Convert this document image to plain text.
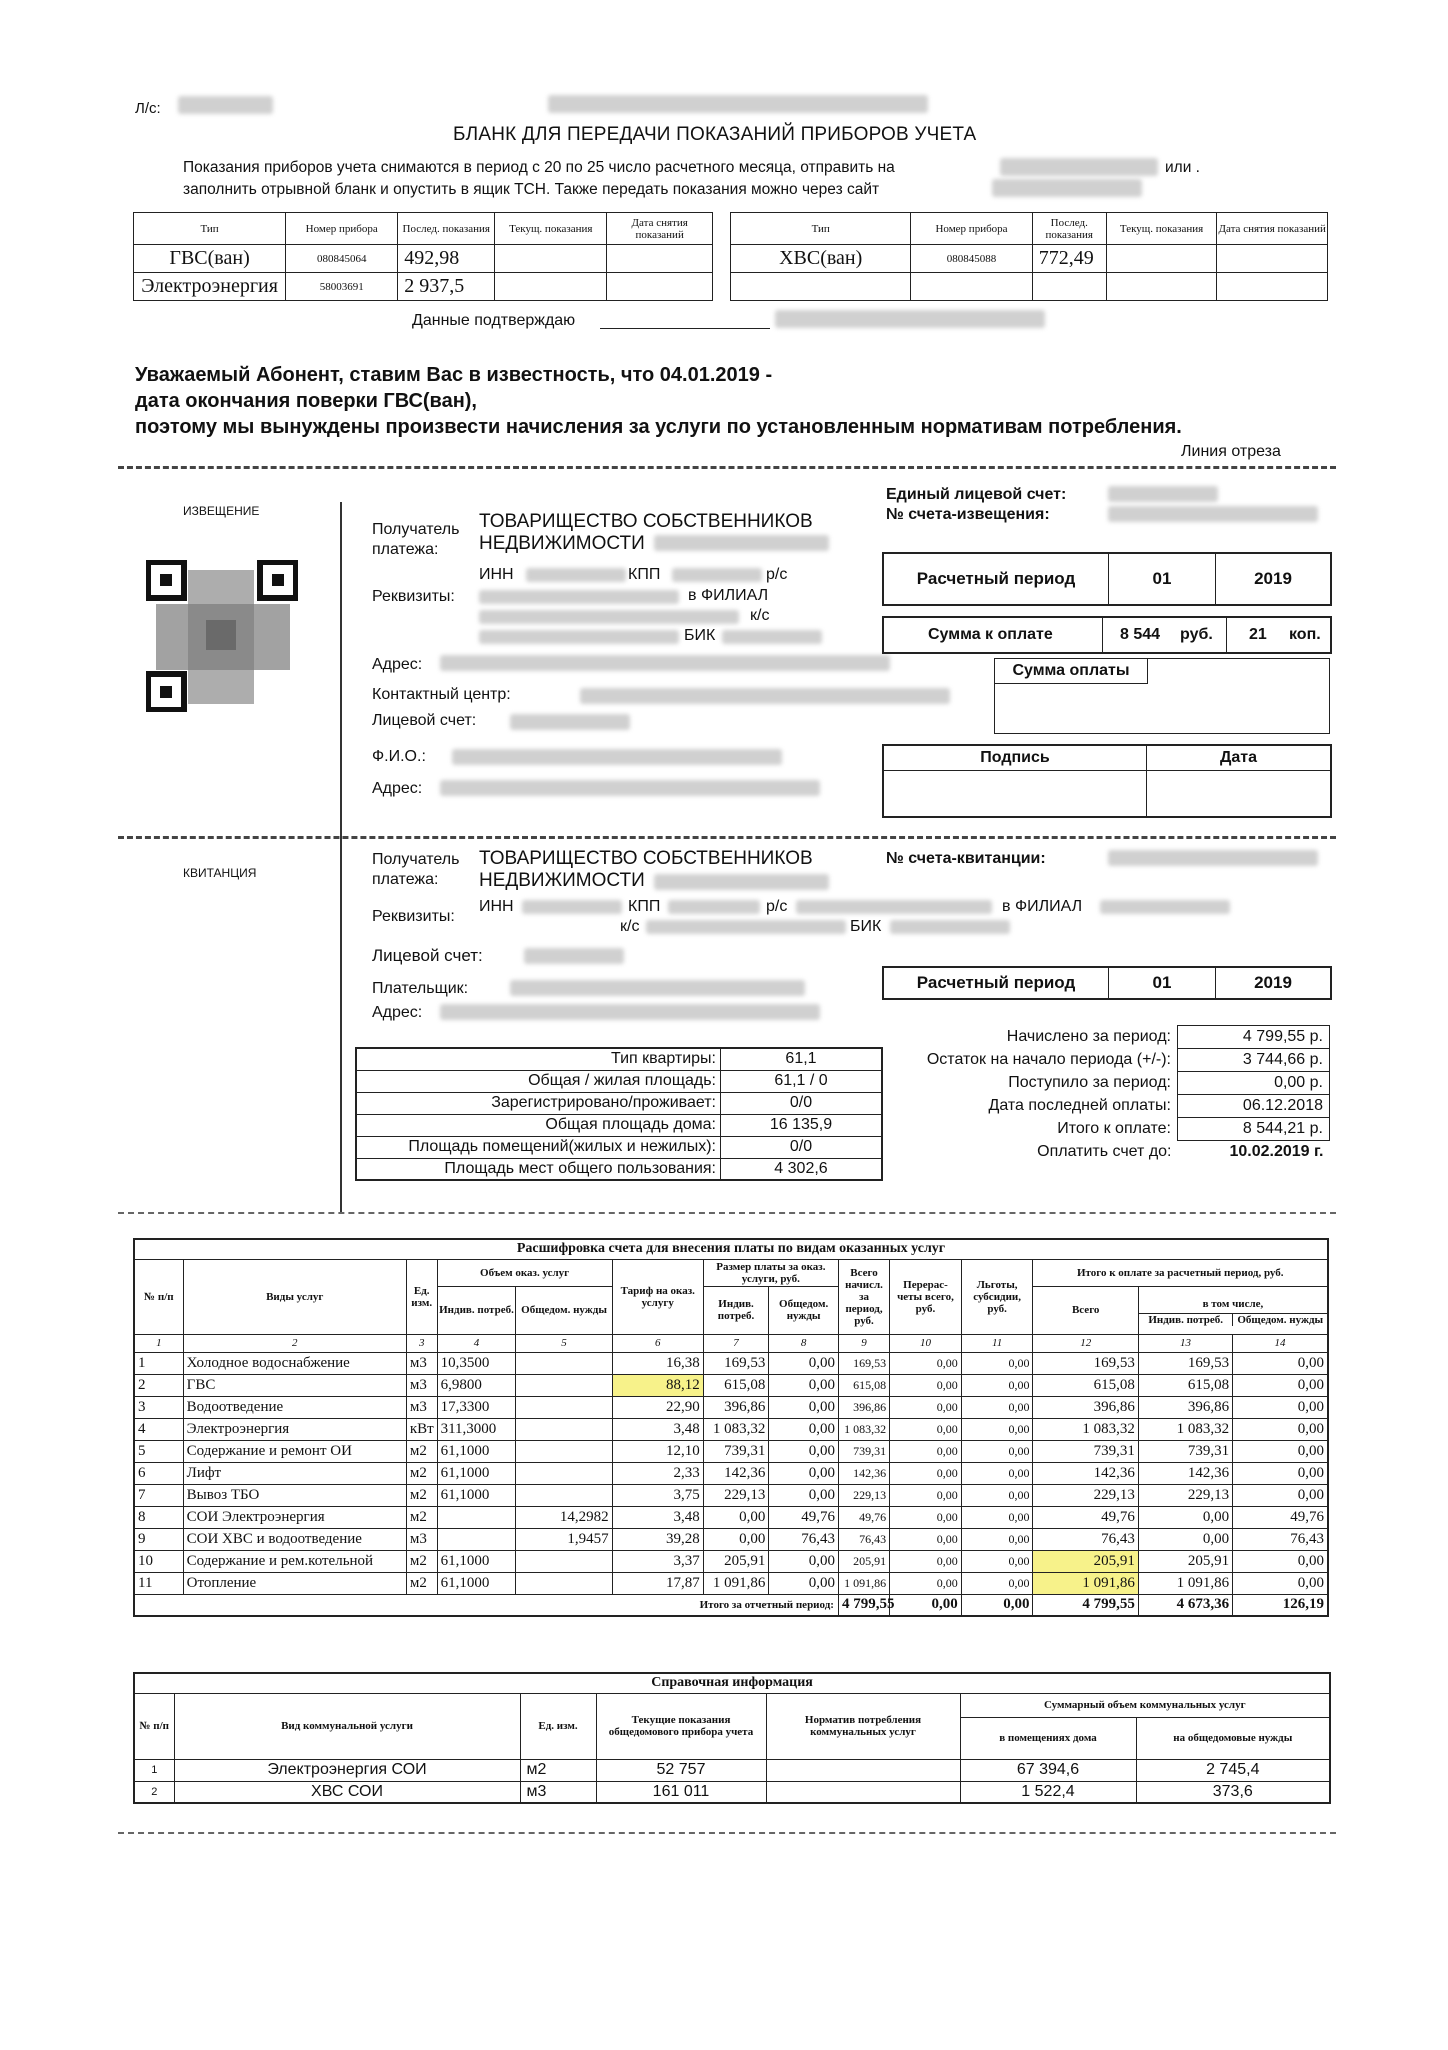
Л/с:
БЛАНК ДЛЯ ПЕРЕДАЧИ ПОКАЗАНИЙ ПРИБОРОВ УЧЕТА
Показания приборов учета снимаются в период с 20 по 25 число расчетного месяца, отправить на	или .
заполнить отрывной бланк и опустить в ящик ТСН. Также передать показания можно через сайт
Тип	Номер прибора	Послед. показания	Текущ. показания	Дата снятия показаний
ГВС(ван)	080845064	492,98		
Электроэнергия	58003691	2 937,5		
Тип	Номер прибора	Послед. показания	Текущ. показания	Дата снятия показаний
ХВС(ван)	080845088	772,49		

Данные подтверждаю
Уважаемый Абонент, ставим Вас в известность, что 04.01.2019 -
дата окончания поверки ГВС(ван),
поэтому мы вынуждены произвести начисления за услуги по установленным нормативам потребления.
Линия отреза
ИЗВЕЩЕНИЕ
Получатель
платежа:
ТОВАРИЩЕСТВО СОБСТВЕННИКОВ
НЕДВИЖИМОСТИ
Реквизиты:
ИНН	КПП	р/с
в ФИЛИАЛ
к/с
БИК
Адрес:
Контактный центр:
Лицевой счет:
Ф.И.О.:
Адрес:
Единый лицевой счет:
№ счета-извещения:
Расчетный период	01	2019
Сумма к оплате	8 544 руб. 21 коп.
Сумма оплаты
Подпись	Дата
КВИТАНЦИЯ
Получатель
платежа:
ТОВАРИЩЕСТВО СОБСТВЕННИКОВ
НЕДВИЖИМОСТИ
Реквизиты:
ИНН	КПП	р/с	в ФИЛИАЛ
к/с	БИК
Лицевой счет:
Плательщик:
Адрес:
№ счета-квитанции:
Расчетный период	01	2019
Тип квартиры:	61,1
Общая / жилая площадь:	61,1 / 0
Зарегистрировано/проживает:	0/0
Общая площадь дома:	16 135,9
Площадь помещений(жилых и нежилых):	0/0
Площадь мест общего пользования:	4 302,6
Начислено за период:	4 799,55 р.
Остаток на начало периода (+/-):	3 744,66 р.
Поступило за период:	0,00 р.
Дата последней оплаты:	06.12.2018
Итого к оплате:	8 544,21 р.
Оплатить счет до:	10.02.2019 г.
Расшифровка счета для внесения платы по видам оказанных услуг													
№ п/п	Виды услуг	Ед. изм.	Объем оказ. услуг		Тариф на оказ. услугу	Размер платы за оказ. услуги, руб.		Всего начисл. за период, руб.	Перерас-четы всего, руб.	Льготы, субсидии, руб.	Итого к оплате за расчетный период, руб.		
			Индив. потреб.	Общедом. нужды		Индив. потреб.	Общедом. нужды				Всего	в том числе,
Индив. потреб. Общедом. нужды	

1	2	3	4	5	6	7	8	9	10	11	12	13	14
1	Холодное водоснабжение	м3	10,3500		16,38	169,53	0,00	169,53	0,00	0,00	169,53	169,53	0,00
2	ГВС	м3	6,9800		88,12	615,08	0,00	615,08	0,00	0,00	615,08	615,08	0,00
3	Водоотведение	м3	17,3300		22,90	396,86	0,00	396,86	0,00	0,00	396,86	396,86	0,00
4	Электроэнергия	кВт	311,3000		3,48	1 083,32	0,00	1 083,32	0,00	0,00	1 083,32	1 083,32	0,00
5	Содержание и ремонт ОИ	м2	61,1000		12,10	739,31	0,00	739,31	0,00	0,00	739,31	739,31	0,00
6	Лифт	м2	61,1000		2,33	142,36	0,00	142,36	0,00	0,00	142,36	142,36	0,00
7	Вывоз ТБО	м2	61,1000		3,75	229,13	0,00	229,13	0,00	0,00	229,13	229,13	0,00
8	СОИ Электроэнергия	м2		14,2982	3,48	0,00	49,76	49,76	0,00	0,00	49,76	0,00	49,76
9	СОИ ХВС и водоотведение	м3		1,9457	39,28	0,00	76,43	76,43	0,00	0,00	76,43	0,00	76,43
10	Содержание и рем.котельной	м2	61,1000		3,37	205,91	0,00	205,91	0,00	0,00	205,91	205,91	0,00
11	Отопление	м2	61,1000		17,87	1 091,86	0,00	1 091,86	0,00	0,00	1 091,86	1 091,86	0,00
Итого за отчетный период:								4 799,55	0,00	0,00	4 799,55	4 673,36	126,19
Справочная информация						
№ п/п	Вид коммунальной услуги	Ед. изм.	Текущие показания общедомового прибора учета	Норматив потребления коммунальных услуг	Суммарный объем коммунальных услуг	
					в помещениях дома	на общедомовые нужды
1	Электроэнергия СОИ	м2	52 757		67 394,6	2 745,4
2	ХВС СОИ	м3	161 011		1 522,4	373,6
